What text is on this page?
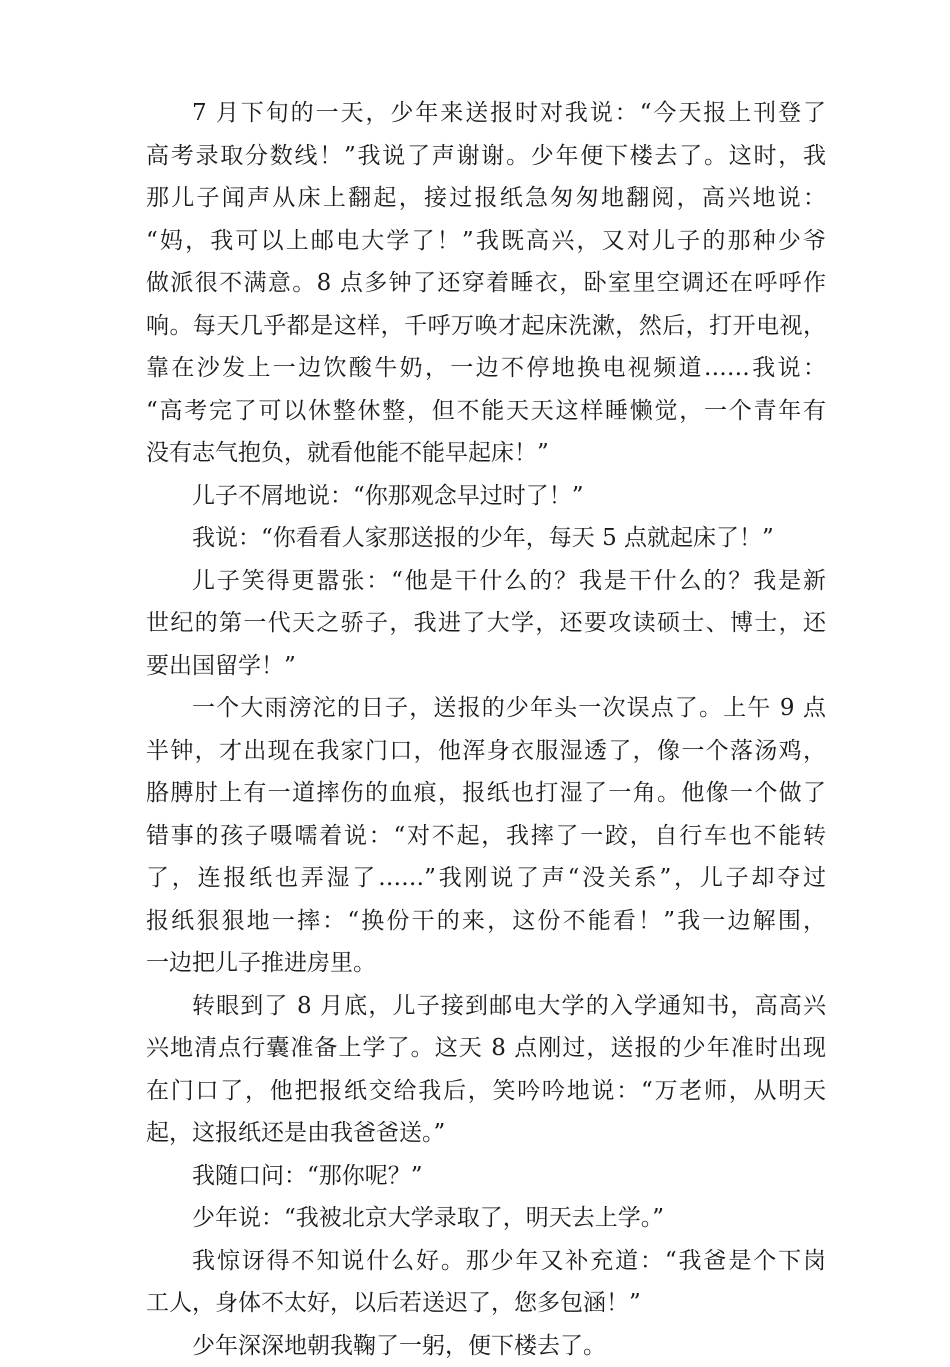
7 月下旬的一天，少年来送报时对我说：“今天报上刊登了
高考录取分数线！”我说了声谢谢。少年便下楼去了。这时，我
那儿子闻声从床上翻起，接过报纸急匆匆地翻阅，高兴地说：
“妈，我可以上邮电大学了！”我既高兴，又对儿子的那种少爷
做派很不满意。8 点多钟了还穿着睡衣，卧室里空调还在呼呼作
响。每天几乎都是这样，千呼万唤才起床洗漱，然后，打开电视，
靠在沙发上一边饮酸牛奶，一边不停地换电视频道……我说：
“高考完了可以休整休整，但不能天天这样睡懒觉，一个青年有
没有志气抱负，就看他能不能早起床！”
儿子不屑地说：“你那观念早过时了！”
我说：“你看看人家那送报的少年，每天 5 点就起床了！”
儿子笑得更嚣张：“他是干什么的？我是干什么的？我是新
世纪的第一代天之骄子，我进了大学，还要攻读硕士、博士，还
要出国留学！”
一个大雨滂沱的日子，送报的少年头一次误点了。上午 9 点
半钟，才出现在我家门口，他浑身衣服湿透了，像一个落汤鸡，
胳膊肘上有一道摔伤的血痕，报纸也打湿了一角。他像一个做了
错事的孩子嗫嚅着说：“对不起，我摔了一跤，自行车也不能转
了，连报纸也弄湿了……”我刚说了声“没关系”，儿子却夺过
报纸狠狠地一摔：“换份干的来，这份不能看！”我一边解围，
一边把儿子推进房里。
转眼到了 8 月底，儿子接到邮电大学的入学通知书，高高兴
兴地清点行囊准备上学了。这天 8 点刚过，送报的少年准时出现
在门口了，他把报纸交给我后，笑吟吟地说：“万老师，从明天
起，这报纸还是由我爸爸送。”
我随口问：“那你呢？”
少年说：“我被北京大学录取了，明天去上学。”
我惊讶得不知说什么好。那少年又补充道：“我爸是个下岗
工人，身体不太好，以后若送迟了，您多包涵！”
少年深深地朝我鞠了一躬，便下楼去了。
